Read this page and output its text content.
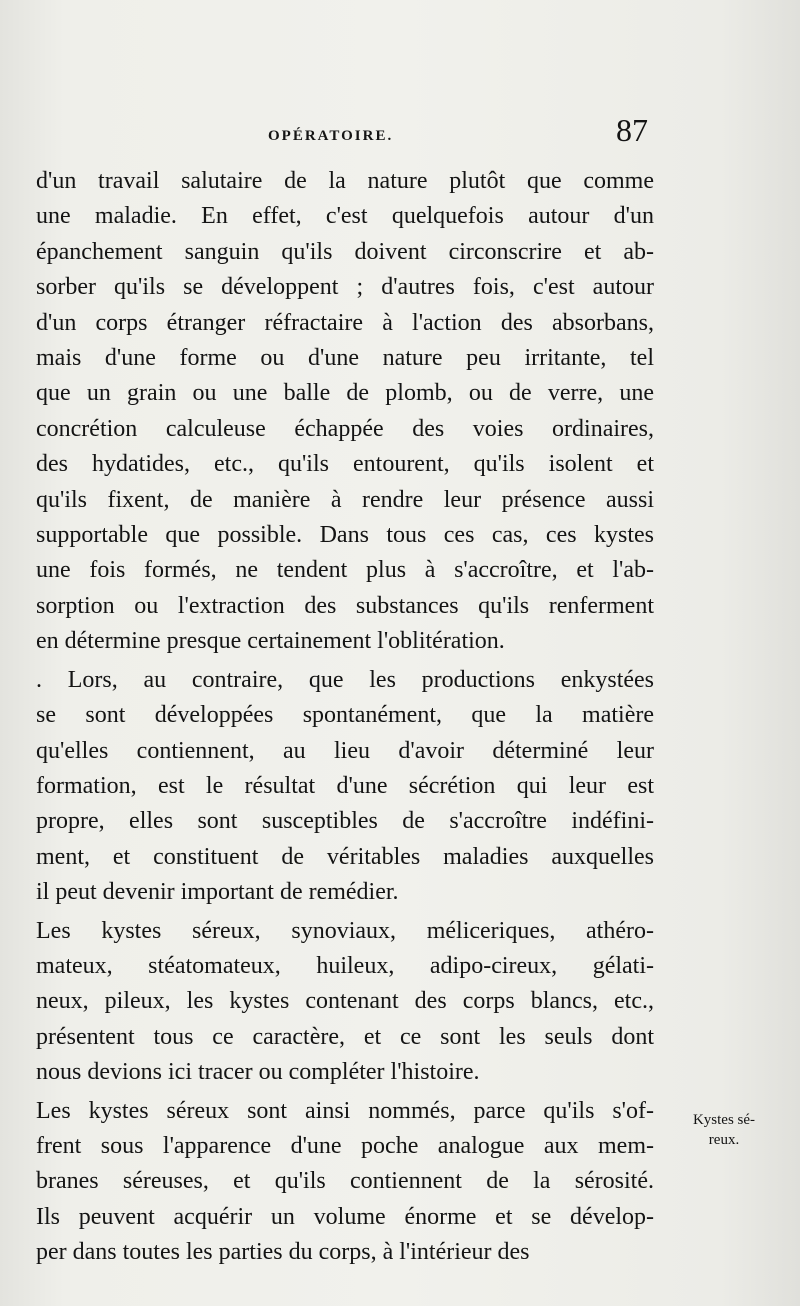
OPÉRATOIRE.	87
d'un travail salutaire de la nature plutôt que comme
une maladie. En effet, c'est quelquefois autour d'un
épanchement sanguin qu'ils doivent circonscrire et ab-
sorber qu'ils se développent ; d'autres fois, c'est autour
d'un corps étranger réfractaire à l'action des absorbans,
mais d'une forme ou d'une nature peu irritante, tel
que un grain ou une balle de plomb, ou de verre, une
concrétion calculeuse échappée des voies ordinaires,
des hydatides, etc., qu'ils entourent, qu'ils isolent et
qu'ils fixent, de manière à rendre leur présence aussi
supportable que possible. Dans tous ces cas, ces kystes
une fois formés, ne tendent plus à s'accroître, et l'ab-
sorption ou l'extraction des substances qu'ils renferment
en détermine presque certainement l'oblitération.
. Lors, au contraire, que les productions enkystées
se sont développées spontanément, que la matière
qu'elles contiennent, au lieu d'avoir déterminé leur
formation, est le résultat d'une sécrétion qui leur est
propre, elles sont susceptibles de s'accroître indéfini-
ment, et constituent de véritables maladies auxquelles
il peut devenir important de remédier.
Les kystes séreux, synoviaux, méliceriques, athéro-
mateux, stéatomateux, huileux, adipo-cireux, gélati-
neux, pileux, les kystes contenant des corps blancs, etc.,
présentent tous ce caractère, et ce sont les seuls dont
nous devions ici tracer ou compléter l'histoire.
Les kystes séreux sont ainsi nommés, parce qu'ils s'of-
frent sous l'apparence d'une poche analogue aux mem-
branes séreuses, et qu'ils contiennent de la sérosité.
Ils peuvent acquérir un volume énorme et se dévelop-
per dans toutes les parties du corps, à l'intérieur des
Kystes sé-
reux.
